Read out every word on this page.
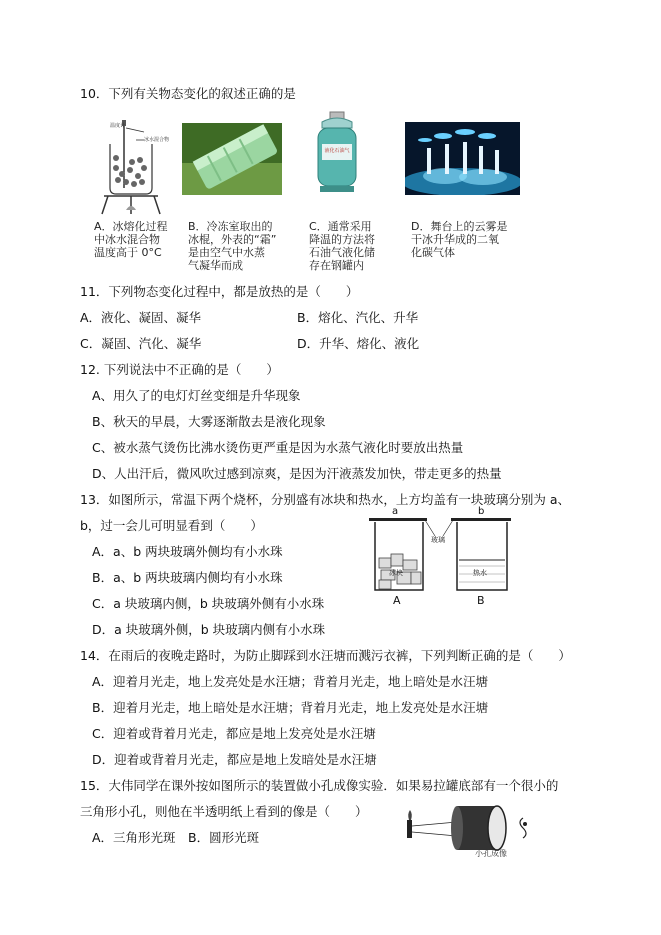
10．下列有关物态变化的叙述正确的是
温度计
冰水混合物
液化石油气
A．冰熔化过程
中冰水混合物
温度高于 0°C
B．冷冻室取出的
冰棍，外表的“霜”
是由空气中水蒸
气凝华而成
C．通常采用
降温的方法将
石油气液化储
存在钢罐内
D．舞台上的云雾是
干冰升华成的二氧
化碳气体
11．下列物态变化过程中，都是放热的是（　　）
A．液化、凝固、凝华	B．熔化、汽化、升华
C．凝固、汽化、凝华	D．升华、熔化、液化
12. 下列说法中不正确的是（　　）
A、用久了的电灯灯丝变细是升华现象
B、秋天的早晨，大雾逐渐散去是液化现象
C、被水蒸气烫伤比沸水烫伤更严重是因为水蒸气液化时要放出热量
D、人出汗后，微风吹过感到凉爽，是因为汗液蒸发加快，带走更多的热量
13．如图所示，常温下两个烧杯，分别盛有冰块和热水，上方均盖有一块玻璃分别为 a、
b，过一会儿可明显看到（　　）
A．a、b 两块玻璃外侧均有小水珠
B．a、b 两块玻璃内侧均有小水珠
C．a 块玻璃内侧，b 块玻璃外侧有小水珠
D．a 块玻璃外侧，b 块玻璃内侧有小水珠
a	b
玻璃
冰块	热水
A	B
14．在雨后的夜晚走路时，为防止脚踩到水汪塘而溅污衣裤，下列判断正确的是（　　）
A．迎着月光走，地上发亮处是水汪塘；背着月光走，地上暗处是水汪塘
B．迎着月光走，地上暗处是水汪塘；背着月光走，地上发亮处是水汪塘
C．迎着或背着月光走，都应是地上发亮处是水汪塘
D．迎着或背着月光走，都应是地上发暗处是水汪塘
15．大伟同学在课外按如图所示的装置做小孔成像实验．如果易拉罐底部有一个很小的
三角形小孔，则他在半透明纸上看到的像是（　　）
A．三角形光斑　B．圆形光斑
小孔成像
